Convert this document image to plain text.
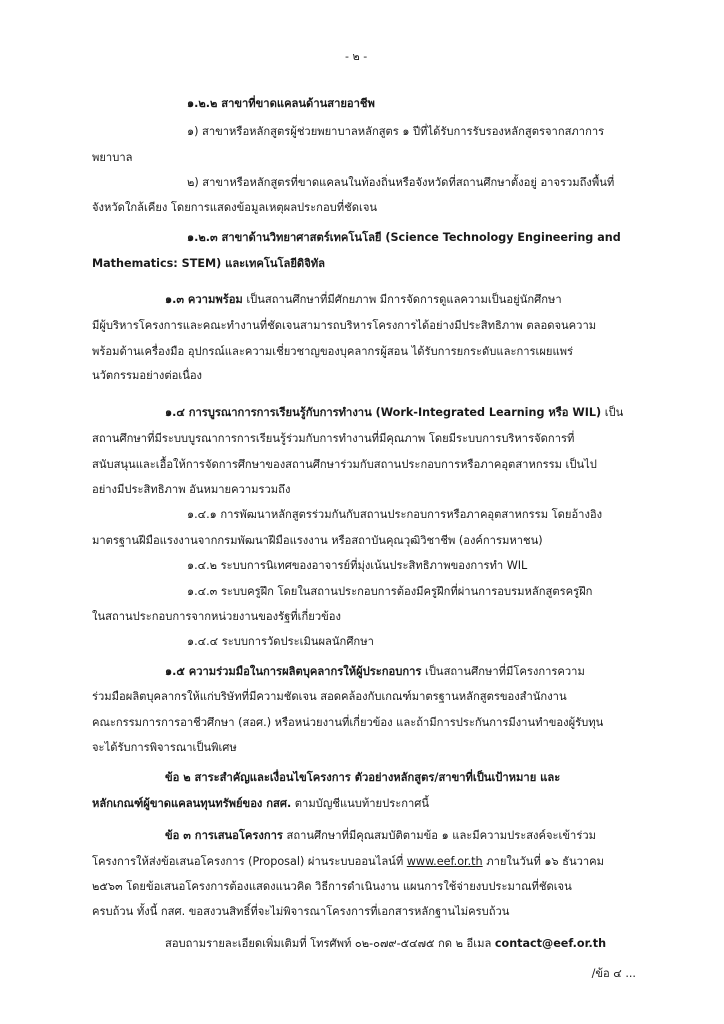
- ๒ -
๑.๒.๒ สาขาที่ขาดแคลนด้านสายอาชีพ
๑) สาขาหรือหลักสูตรผู้ช่วยพยาบาลหลักสูตร ๑ ปีที่ได้รับการรับรองหลักสูตรจากสภาการ
พยาบาล
๒) สาขาหรือหลักสูตรที่ขาดแคลนในท้องถิ่นหรือจังหวัดที่สถานศึกษาตั้งอยู่ อาจรวมถึงพื้นที่
จังหวัดใกล้เคียง โดยการแสดงข้อมูลเหตุผลประกอบที่ชัดเจน
๑.๒.๓ สาขาด้านวิทยาศาสตร์เทคโนโลยี (Science Technology Engineering and
Mathematics: STEM) และเทคโนโลยีดิจิทัล
๑.๓ ความพร้อม เป็นสถานศึกษาที่มีศักยภาพ มีการจัดการดูแลความเป็นอยู่นักศึกษา
มีผู้บริหารโครงการและคณะทำงานที่ชัดเจนสามารถบริหารโครงการได้อย่างมีประสิทธิภาพ ตลอดจนความ
พร้อมด้านเครื่องมือ อุปกรณ์และความเชี่ยวชาญของบุคลากรผู้สอน ได้รับการยกระดับและการเผยแพร่
นวัตกรรมอย่างต่อเนื่อง
๑.๔ การบูรณาการการเรียนรู้กับการทำงาน (Work-Integrated Learning หรือ WIL) เป็น
สถานศึกษาที่มีระบบบูรณาการการเรียนรู้ร่วมกับการทำงานที่มีคุณภาพ โดยมีระบบการบริหารจัดการที่
สนับสนุนและเอื้อให้การจัดการศึกษาของสถานศึกษาร่วมกับสถานประกอบการหรือภาคอุตสาหกรรม เป็นไป
อย่างมีประสิทธิภาพ อันหมายความรวมถึง
๑.๔.๑ การพัฒนาหลักสูตรร่วมกันกับสถานประกอบการหรือภาคอุตสาหกรรม โดยอ้างอิง
มาตรฐานฝีมือแรงงานจากกรมพัฒนาฝีมือแรงงาน หรือสถาบันคุณวุฒิวิชาชีพ (องค์การมหาชน)
๑.๔.๒ ระบบการนิเทศของอาจารย์ที่มุ่งเน้นประสิทธิภาพของการทำ WIL
๑.๔.๓ ระบบครูฝึก โดยในสถานประกอบการต้องมีครูฝึกที่ผ่านการอบรมหลักสูตรครูฝึก
ในสถานประกอบการจากหน่วยงานของรัฐที่เกี่ยวข้อง
๑.๔.๔ ระบบการวัดประเมินผลนักศึกษา
๑.๕ ความร่วมมือในการผลิตบุคลากรให้ผู้ประกอบการ เป็นสถานศึกษาที่มีโครงการความ
ร่วมมือผลิตบุคลากรให้แก่บริษัทที่มีความชัดเจน สอดคล้องกับเกณฑ์มาตรฐานหลักสูตรของสำนักงาน
คณะกรรมการการอาชีวศึกษา (สอศ.) หรือหน่วยงานที่เกี่ยวข้อง และถ้ามีการประกันการมีงานทำของผู้รับทุน
จะได้รับการพิจารณาเป็นพิเศษ
ข้อ ๒ สาระสำคัญและเงื่อนไขโครงการ ตัวอย่างหลักสูตร/สาขาที่เป็นเป้าหมาย และ
หลักเกณฑ์ผู้ขาดแคลนทุนทรัพย์ของ กสศ. ตามบัญชีแนบท้ายประกาศนี้
ข้อ ๓ การเสนอโครงการ สถานศึกษาที่มีคุณสมบัติตามข้อ ๑ และมีความประสงค์จะเข้าร่วม
โครงการให้ส่งข้อเสนอโครงการ (Proposal) ผ่านระบบออนไลน์ที่ www.eef.or.th ภายในวันที่ ๑๖ ธันวาคม
๒๕๖๓ โดยข้อเสนอโครงการต้องแสดงแนวคิด วิธีการดำเนินงาน แผนการใช้จ่ายงบประมาณที่ชัดเจน
ครบถ้วน ทั้งนี้ กสศ. ขอสงวนสิทธิ์ที่จะไม่พิจารณาโครงการที่เอกสารหลักฐานไม่ครบถ้วน
สอบถามรายละเอียดเพิ่มเติมที่ โทรศัพท์ ๐๒-๐๗๙-๕๔๗๕ กด ๒ อีเมล contact@eef.or.th
/ข้อ ๔ ...
